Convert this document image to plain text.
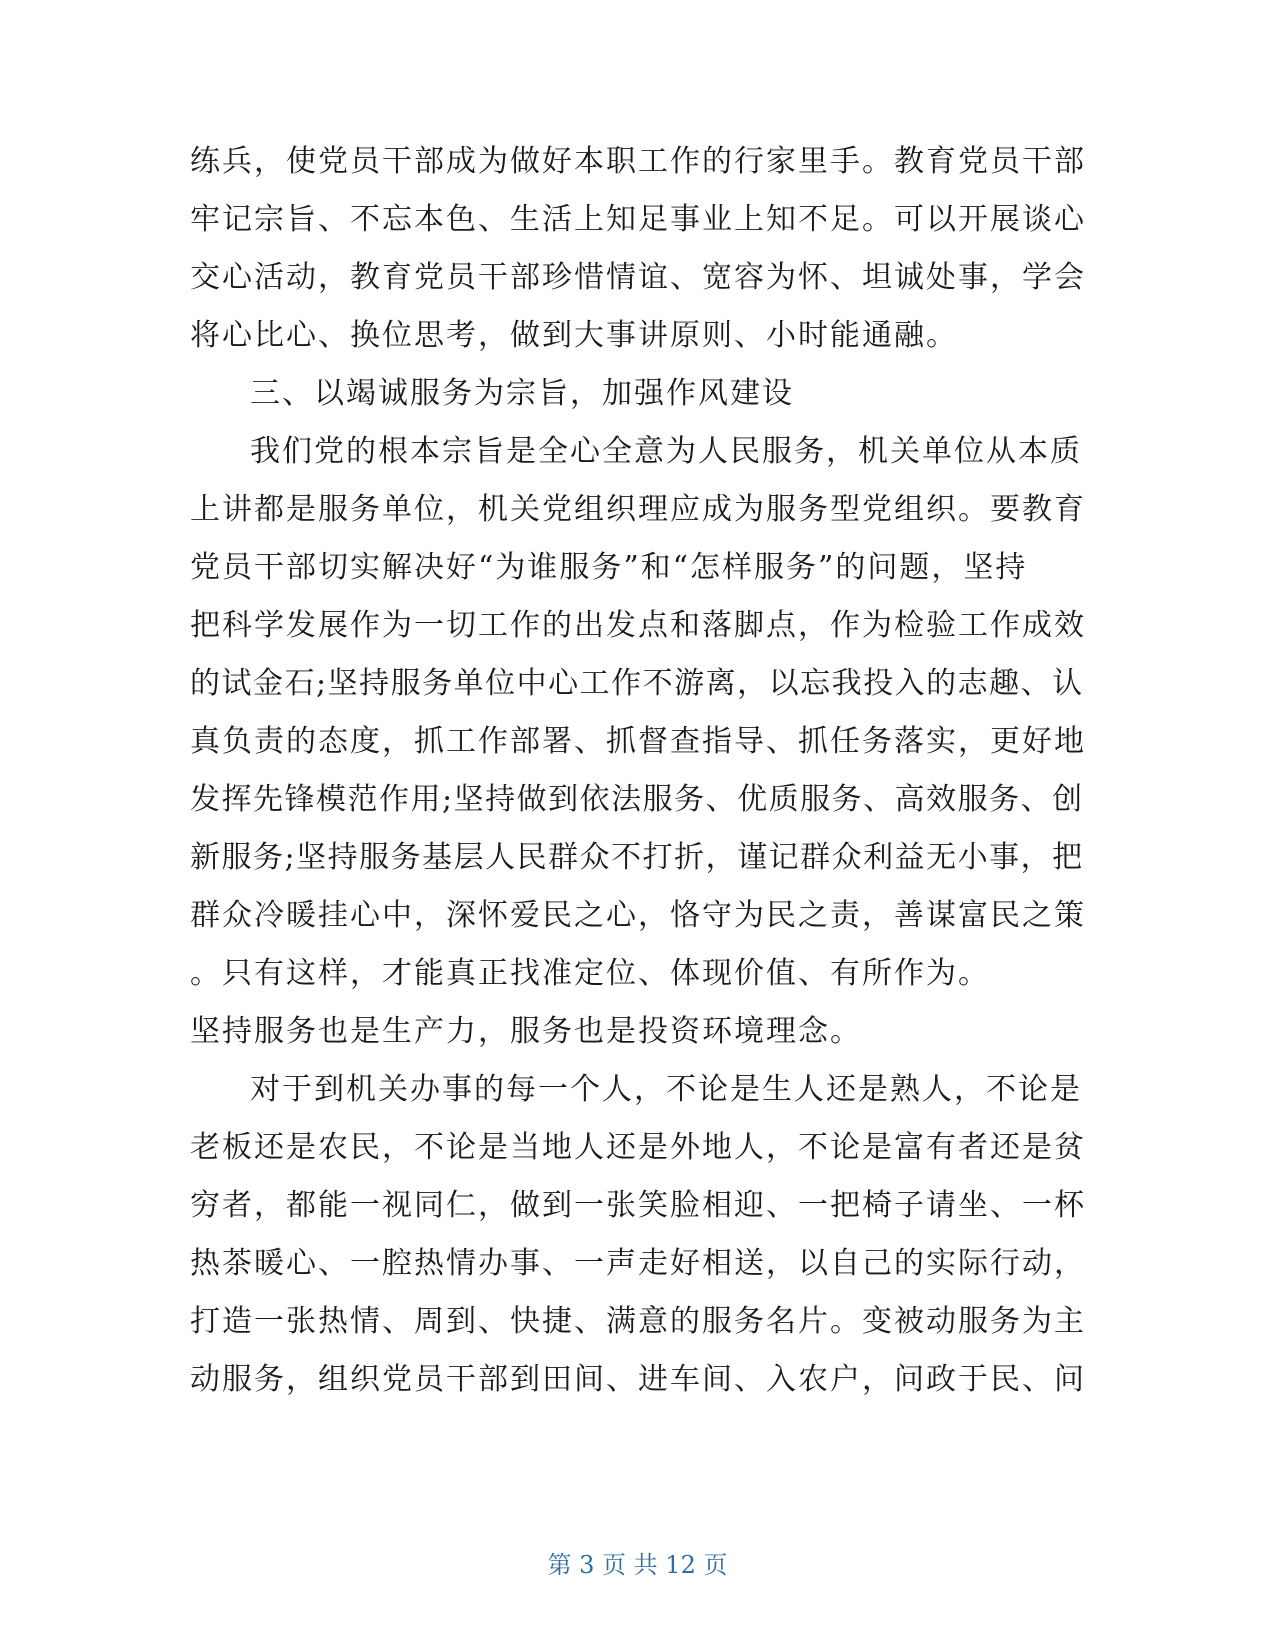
练兵，使党员干部成为做好本职工作的行家里手。教育党员干部
牢记宗旨、不忘本色、生活上知足事业上知不足。可以开展谈心
交心活动，教育党员干部珍惜情谊、宽容为怀、坦诚处事，学会
将心比心、换位思考，做到大事讲原则、小时能通融。
三、以竭诚服务为宗旨，加强作风建设
我们党的根本宗旨是全心全意为人民服务，机关单位从本质
上讲都是服务单位，机关党组织理应成为服务型党组织。要教育
党员干部切实解决好“为谁服务”和“怎样服务”的问题，坚持
把科学发展作为一切工作的出发点和落脚点，作为检验工作成效
的试金石;坚持服务单位中心工作不游离，以忘我投入的志趣、认
真负责的态度，抓工作部署、抓督查指导、抓任务落实，更好地
发挥先锋模范作用;坚持做到依法服务、优质服务、高效服务、创
新服务;坚持服务基层人民群众不打折，谨记群众利益无小事，把
群众冷暖挂心中，深怀爱民之心，恪守为民之责，善谋富民之策
。只有这样，才能真正找准定位、体现价值、有所作为。
坚持服务也是生产力，服务也是投资环境理念。
对于到机关办事的每一个人，不论是生人还是熟人，不论是
老板还是农民，不论是当地人还是外地人，不论是富有者还是贫
穷者，都能一视同仁，做到一张笑脸相迎、一把椅子请坐、一杯
热茶暖心、一腔热情办事、一声走好相送，以自己的实际行动，
打造一张热情、周到、快捷、满意的服务名片。变被动服务为主
动服务，组织党员干部到田间、进车间、入农户，问政于民、问
第 3 页 共 12 页
